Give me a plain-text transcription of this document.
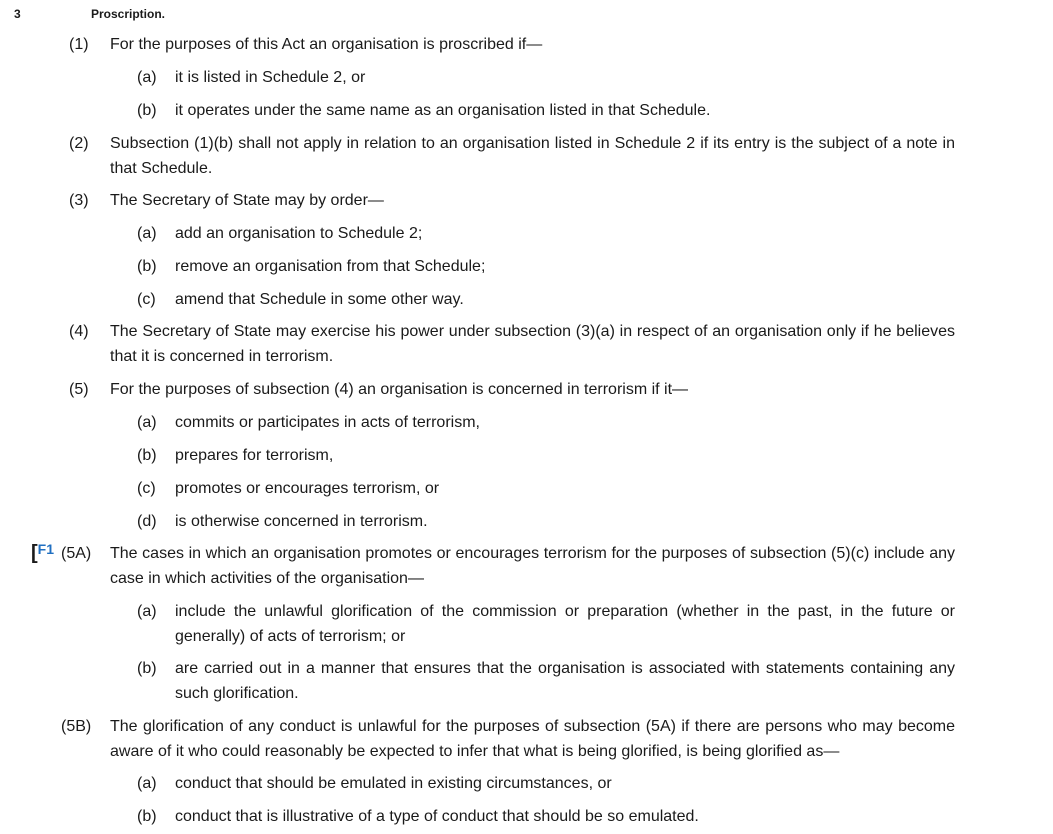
3	Proscription.
(1) For the purposes of this Act an organisation is proscribed if—
(a) it is listed in Schedule 2, or
(b) it operates under the same name as an organisation listed in that Schedule.
(2) Subsection (1)(b) shall not apply in relation to an organisation listed in Schedule 2 if its entry is the subject of a note in that Schedule.
(3) The Secretary of State may by order—
(a) add an organisation to Schedule 2;
(b) remove an organisation from that Schedule;
(c) amend that Schedule in some other way.
(4) The Secretary of State may exercise his power under subsection (3)(a) in respect of an organisation only if he believes that it is concerned in terrorism.
(5) For the purposes of subsection (4) an organisation is concerned in terrorism if it—
(a) commits or participates in acts of terrorism,
(b) prepares for terrorism,
(c) promotes or encourages terrorism, or
(d) is otherwise concerned in terrorism.
[F1 (5A) The cases in which an organisation promotes or encourages terrorism for the purposes of subsection (5)(c) include any case in which activities of the organisation—
(a) include the unlawful glorification of the commission or preparation (whether in the past, in the future or generally) of acts of terrorism; or
(b) are carried out in a manner that ensures that the organisation is associated with statements containing any such glorification.
(5B) The glorification of any conduct is unlawful for the purposes of subsection (5A) if there are persons who may become aware of it who could reasonably be expected to infer that what is being glorified, is being glorified as—
(a) conduct that should be emulated in existing circumstances, or
(b) conduct that is illustrative of a type of conduct that should be so emulated.
